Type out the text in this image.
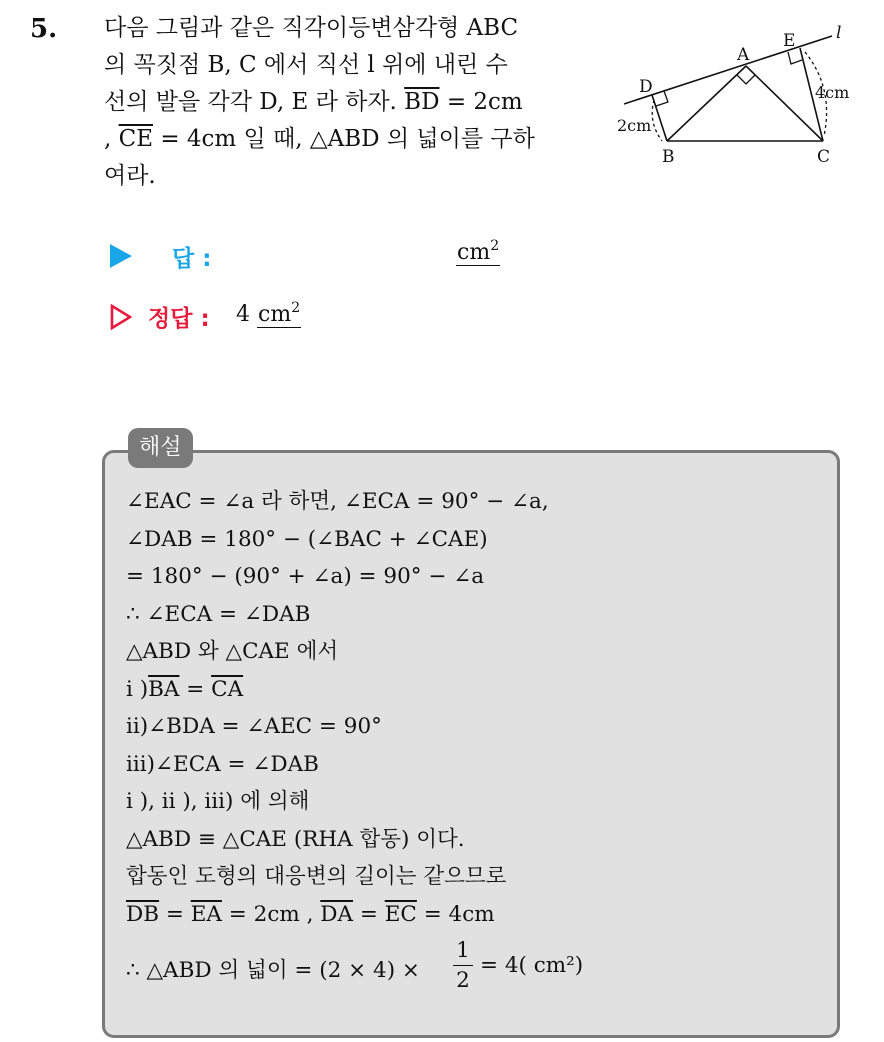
5. 다음 그림과 같은 직각이등변삼각형 ABC
의 꼭짓점 B, C 에서 직선 l 위에 내린 수
선의 발을 각각 D, E 라 하자. $\overline{BD} = 2cm$
, $\overline{CE} = 4cm$ 일 때, △ABD 의 넓이를 구하
여라.
A
B	C
D
E l
2cm
4cm
답 :	$cm^2$
정답 : 4 $cm^2$
해설
∠EAC = ∠a 라 하면, ∠ECA = 90° − ∠a,
∠DAB = 180° − (∠BAC + ∠CAE)
= 180° − (90° + ∠a) = 90° − ∠a
∴ ∠ECA = ∠DAB
△ABD 와 △CAE 에서
i )$\overline{BA} = \overline{CA}$
ii)∠BDA = ∠AEC = 90°
iii)∠ECA = ∠DAB
i ), ii ), iii) 에 의해
△ABD ≡ △CAE (RHA 합동) 이다.
합동인 도형의 대응변의 길이는 같으므로
$\overline{DB} = \overline{EA} = 2cm$ , $\overline{DA} = \overline{EC} = 4cm$
∴ △ABD 의 넓이 = (2 × 4) ×
1
2
= 4( cm²)
